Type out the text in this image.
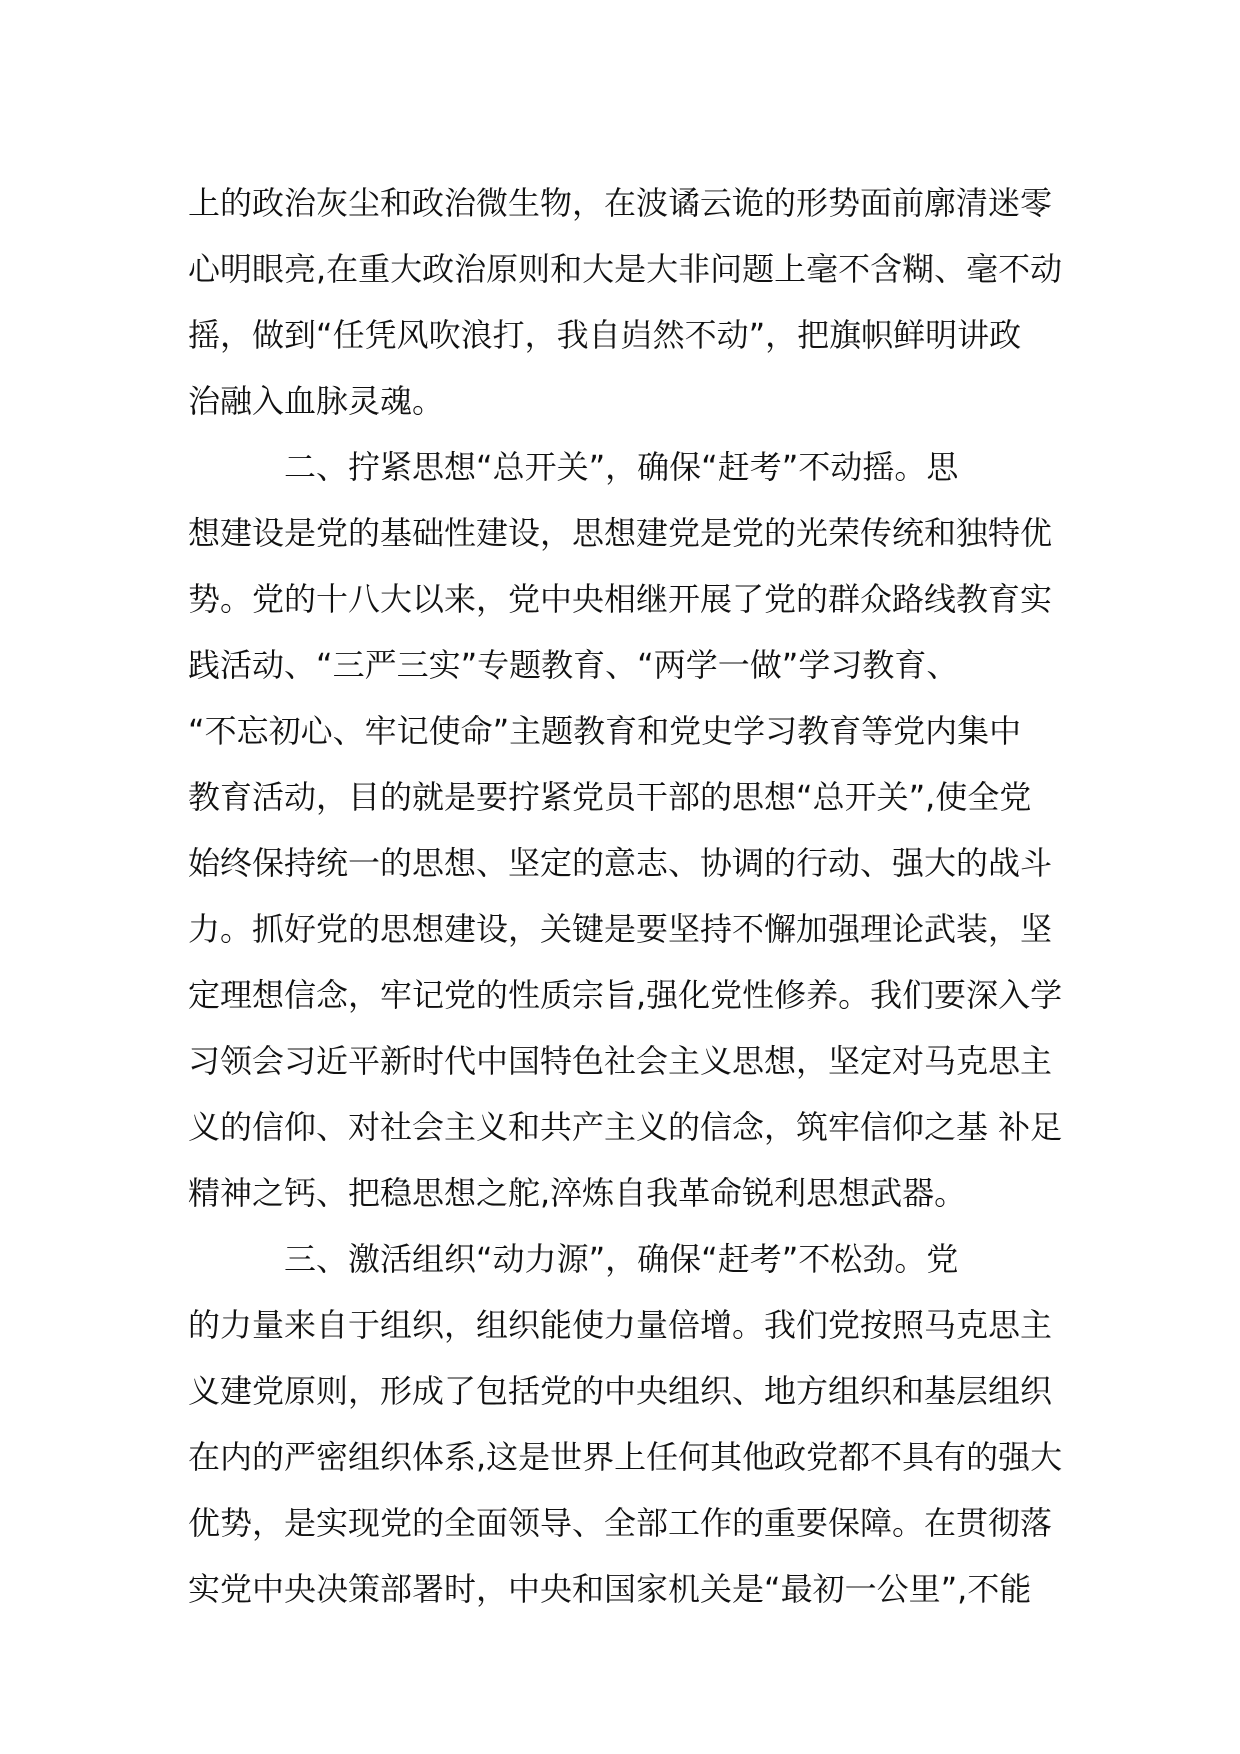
上的政治灰尘和政治微生物，在波谲云诡的形势面前廓清迷零
心明眼亮,在重大政治原则和大是大非问题上毫不含糊、毫不动
摇，做到“任凭风吹浪打，我自岿然不动”，把旗帜鲜明讲政
治融入血脉灵魂。
　　　二、拧紧思想“总开关”，确保“赶考”不动摇。思
想建设是党的基础性建设，思想建党是党的光荣传统和独特优
势。党的十八大以来，党中央相继开展了党的群众路线教育实
践活动、“三严三实”专题教育、“两学一做”学习教育、
“不忘初心、牢记使命”主题教育和党史学习教育等党内集中
教育活动，目的就是要拧紧党员干部的思想“总开关”,使全党
始终保持统一的思想、坚定的意志、协调的行动、强大的战斗
力。抓好党的思想建设，关键是要坚持不懈加强理论武装，坚
定理想信念，牢记党的性质宗旨,强化党性修养。我们要深入学
习领会习近平新时代中国特色社会主义思想，坚定对马克思主
义的信仰、对社会主义和共产主义的信念，筑牢信仰之基 补足
精神之钙、把稳思想之舵,淬炼自我革命锐利思想武器。
　　　三、激活组织“动力源”，确保“赶考”不松劲。党
的力量来自于组织，组织能使力量倍增。我们党按照马克思主
义建党原则，形成了包括党的中央组织、地方组织和基层组织
在内的严密组织体系,这是世界上任何其他政党都不具有的强大
优势，是实现党的全面领导、全部工作的重要保障。在贯彻落
实党中央决策部署时，中央和国家机关是“最初一公里”,不能
